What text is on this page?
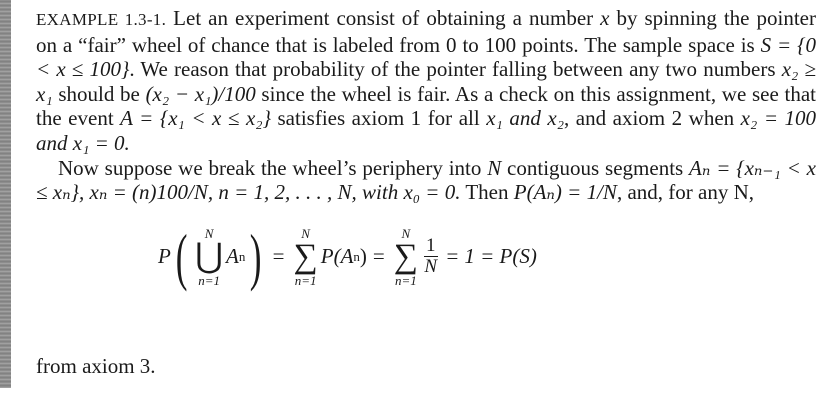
EXAMPLE 1.3-1. Let an experiment consist of obtaining a number x by spinning the pointer on a “fair” wheel of chance that is labeled from 0 to 100 points. The sample space is S = {0 < x ≤ 100}. We reason that probability of the pointer falling between any two numbers x₂ ≥ x₁ should be (x₂ − x₁)/100 since the wheel is fair. As a check on this assignment, we see that the event A = {x₁ < x ≤ x₂} satisfies axiom 1 for all x₁ and x₂, and axiom 2 when x₂ = 100 and x₁ = 0.

Now suppose we break the wheel’s periphery into N contiguous segments Aₙ = {xₙ₋₁ < x ≤ xₙ}, xₙ = (n)100/N, n = 1, 2, . . . , N, with x₀ = 0. Then P(Aₙ) = 1/N, and, for any N,

P ( N
⋃
n=1
A n ) =
N
∑
n=1
P(A n ) =
N
∑
n=1
$\frac{1}{N} = 1 = P(S)$
from axiom 3.
